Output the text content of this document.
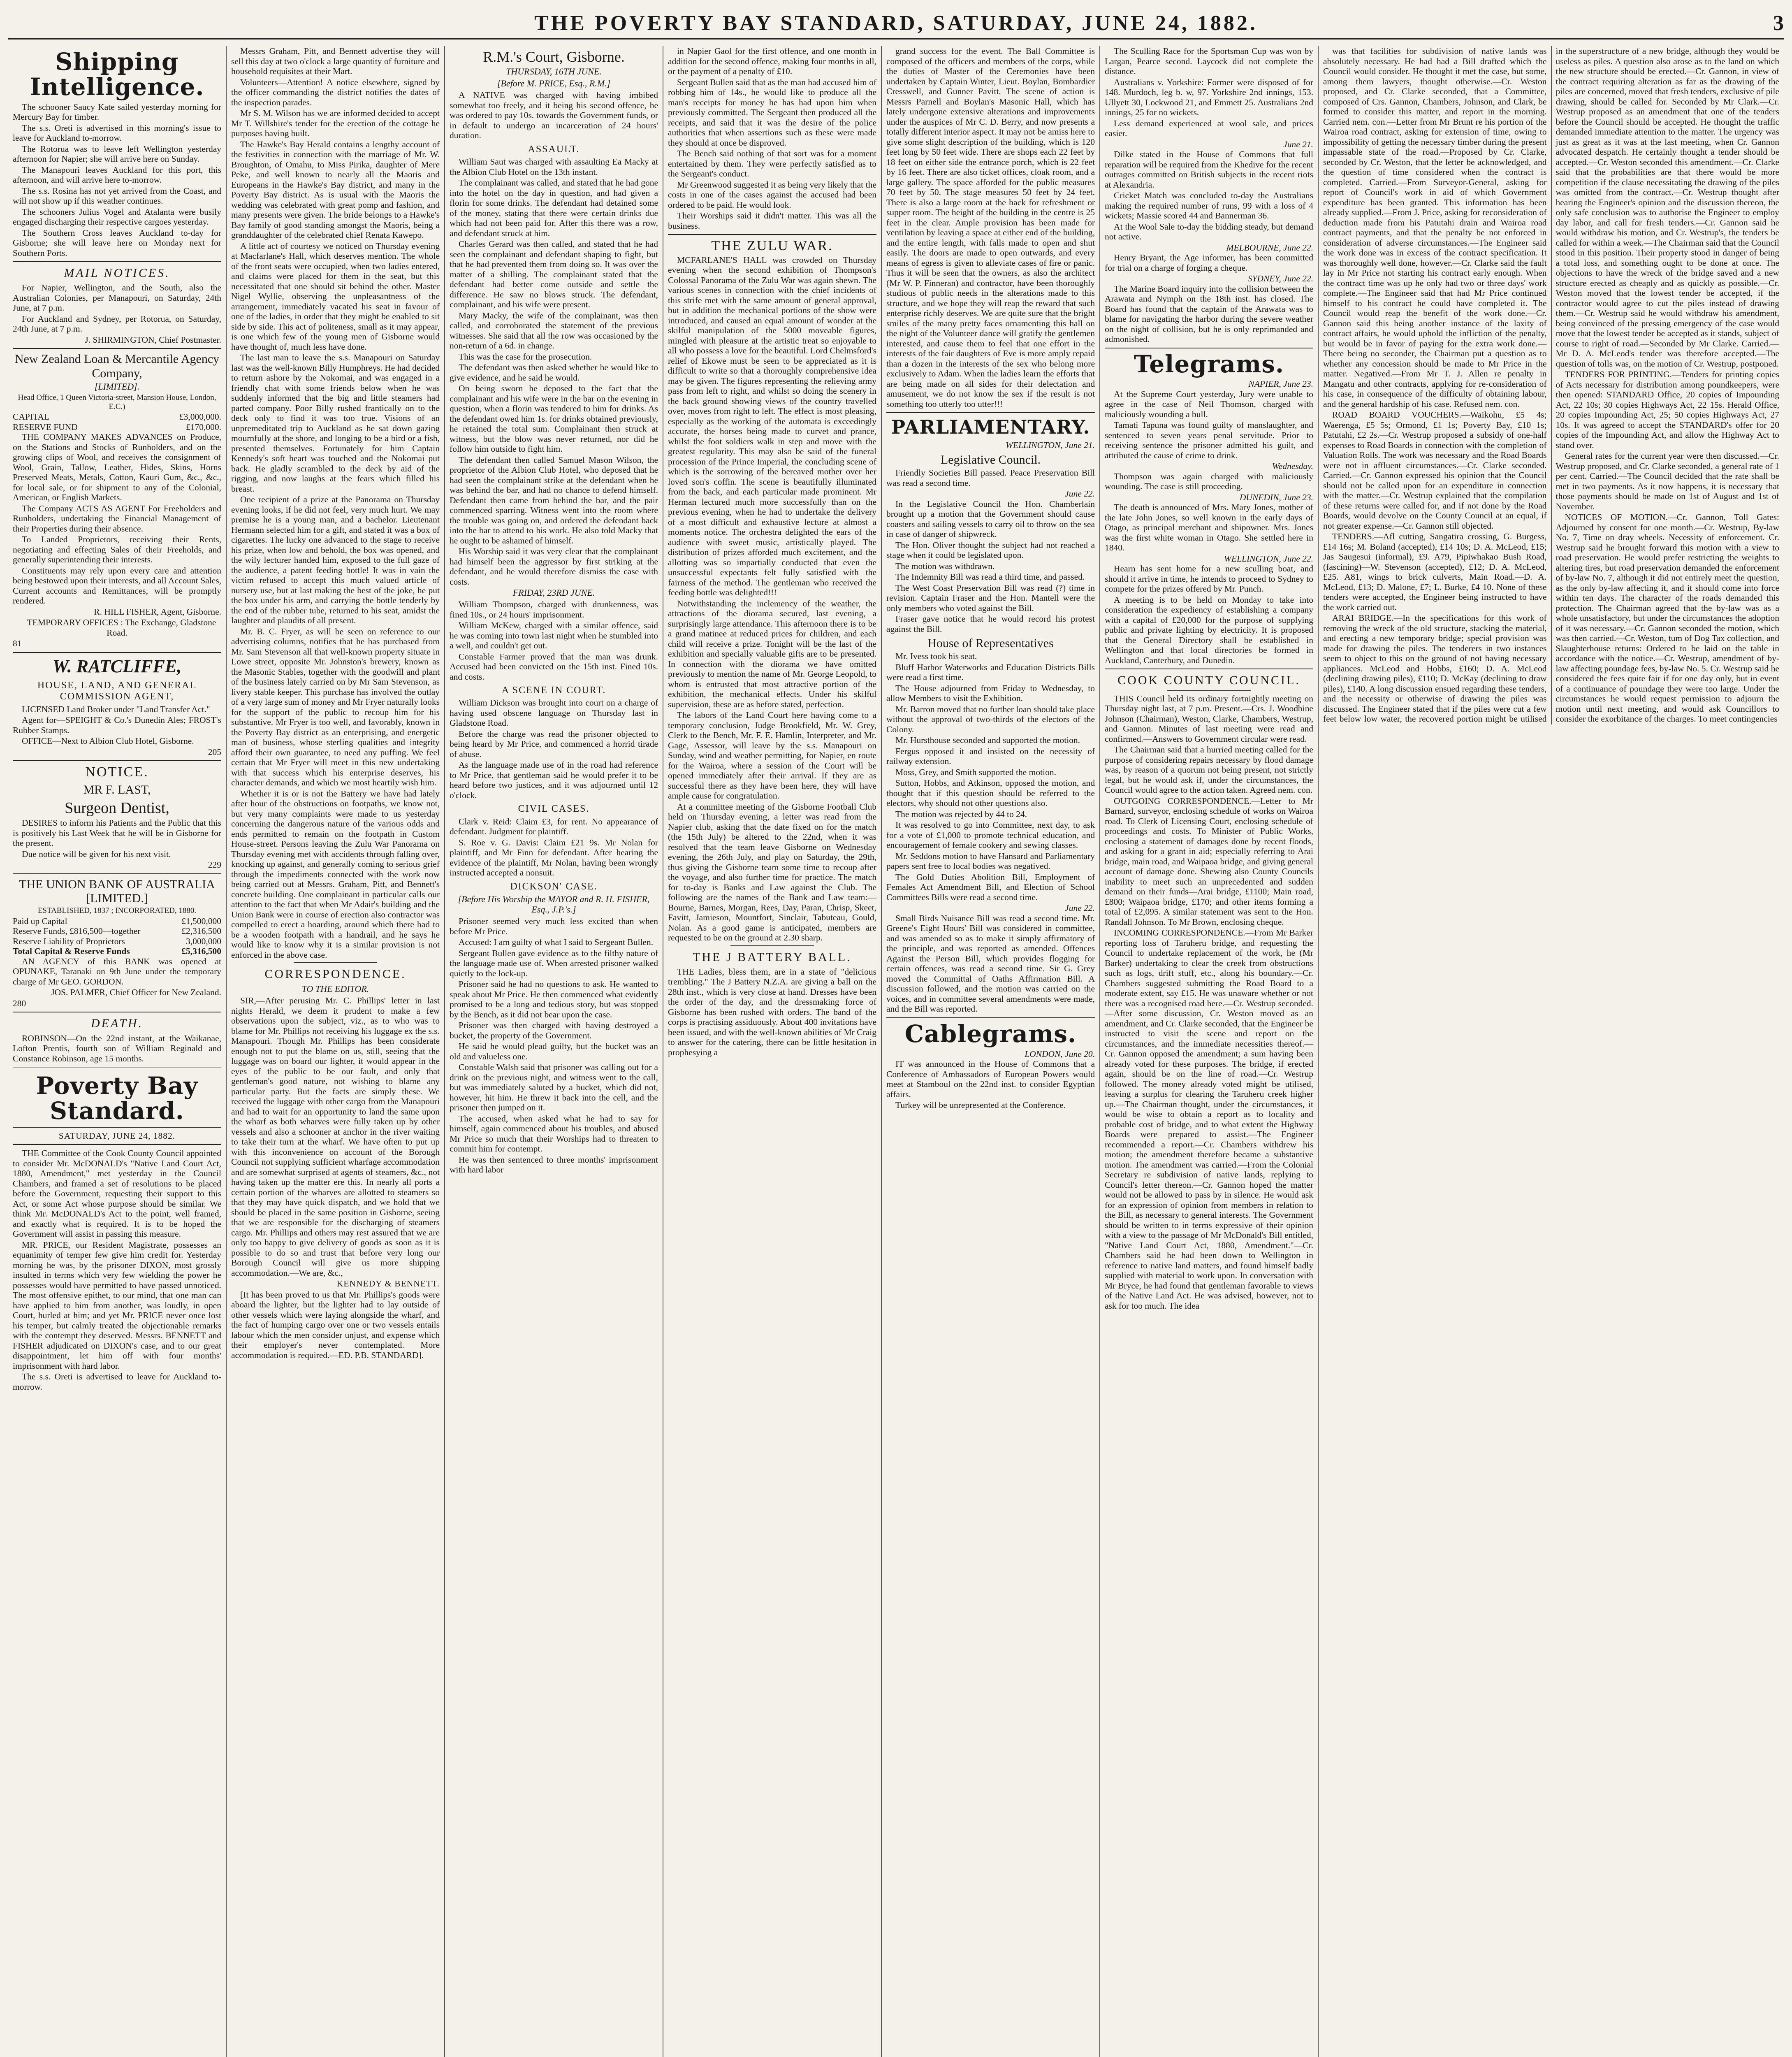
THE POVERTY BAY STANDARD, SATURDAY, JUNE 24, 1882.	3
Shipping Intelligence.

The schooner Saucy Kate sailed yesterday morning for Mercury Bay for timber.

The s.s. Oreti is advertised in this morning's issue to leave for Auckland to-morrow.

The Rotorua was to leave left Wellington yesterday afternoon for Napier; she will arrive here on Sunday.

The Manapouri leaves Auckland for this port, this afternoon, and will arrive here to-morrow.

The s.s. Rosina has not yet arrived from the Coast, and will not show up if this weather continues.

The schooners Julius Vogel and Atalanta were busily engaged discharging their respective cargoes yesterday.

The Southern Cross leaves Auckland to-day for Gisborne; she will leave here on Monday next for Southern Ports.

MAIL NOTICES.

For Napier, Wellington, and the South, also the Australian Colonies, per Manapouri, on Saturday, 24th June, at 7 p.m.

For Auckland and Sydney, per Rotorua, on Saturday, 24th June, at 7 p.m.

J. SHIRMINGTON, Chief Postmaster.

New Zealand Loan & Mercantile Agency Company,
[LIMITED].

Head Office, 1 Queen Victoria-street, Mansion House, London, E.C.)

CAPITAL	£3,000,000.
RESERVE FUND	£170,000.

THE COMPANY MAKES ADVANCES on Produce, on the Stations and Stocks of Runholders, and on the growing clips of Wool, and receives the consignment of Wool, Grain, Tallow, Leather, Hides, Skins, Horns Preserved Meats, Metals, Cotton, Kauri Gum, &c., &c., for local sale, or for shipment to any of the Colonial, American, or English Markets.

The Company ACTS AS AGENT For Freeholders and Runholders, undertaking the Financial Management of their Properties during their absence.

To Landed Proprietors, receiving their Rents, negotiating and effecting Sales of their Freeholds, and generally superintending their interests.

Constituents may rely upon every care and attention being bestowed upon their interests, and all Account Sales, Current accounts and Remittances, will be promptly rendered.

R. HILL FISHER, Agent, Gisborne.

TEMPORARY OFFICES : The Exchange, Gladstone Road.

81

W. RATCLIFFE,
HOUSE, LAND, AND GENERAL COMMISSION AGENT,

LICENSED Land Broker under "Land Transfer Act."

Agent for—SPEIGHT & Co.'s Dunedin Ales; FROST's Rubber Stamps.

OFFICE—Next to Albion Club Hotel, Gisborne.

205

NOTICE.
MR F. LAST,
Surgeon Dentist,

DESIRES to inform his Patients and the Public that this is positively his Last Week that he will be in Gisborne for the present.

Due notice will be given for his next visit.

229

THE UNION BANK OF AUSTRALIA [LIMITED.]

ESTABLISHED, 1837 ; INCORPORATED, 1880.

Paid up Capital	£1,500,000
Reserve Funds, £816,500—together	£2,316,500
Reserve Liability of Proprietors	3,000,000
Total Capital & Reserve Funds	£5,316,500

AN AGENCY of this BANK was opened at OPUNAKE, Taranaki on 9th June under the temporary charge of Mr GEO. GORDON.

JOS. PALMER, Chief Officer for New Zealand.

280

DEATH.

ROBINSON—On the 22nd instant, at the Waikanae, Lofton Prentis, fourth son of William Reginald and Constance Robinson, age 15 months.

Poverty Bay Standard.
SATURDAY, JUNE 24, 1882.

THE Committee of the Cook County Council appointed to consider Mr. McDONALD's "Native Land Court Act, 1880, Amendment," met yesterday in the Council Chambers, and framed a set of resolutions to be placed before the Government, requesting their support to this Act, or some Act whose purpose should be similar. We think Mr. McDONALD's Act to the point, well framed, and exactly what is required. It is to be hoped the Government will assist in passing this measure.

MR. PRICE, our Resident Magistrate, possesses an equanimity of temper few give him credit for. Yesterday morning he was, by the prisoner DIXON, most grossly insulted in terms which very few wielding the power he possesses would have permitted to have passed unnoticed. The most offensive epithet, to our mind, that one man can have applied to him from another, was loudly, in open Court, hurled at him; and yet Mr. PRICE never once lost his temper, but calmly treated the objectionable remarks with the contempt they deserved. Messrs. BENNETT and FISHER adjudicated on DIXON's case, and to our great disappointment, let him off with four months' imprisonment with hard labor.

The s.s. Oreti is advertised to leave for Auckland to-morrow.

Messrs Graham, Pitt, and Bennett advertise they will sell this day at two o'clock a large quantity of furniture and household requisites at their Mart.

Volunteers—Attention! A notice elsewhere, signed by the officer commanding the district notifies the dates of the inspection parades.

Mr S. M. Wilson has we are informed decided to accept Mr T. Willshire's tender for the erection of the cottage he purposes having built.

The Hawke's Bay Herald contains a lengthy account of the festivities in connection with the marriage of Mr. W. Broughton, of Omahu, to Miss Pirika, daughter of Mere Peke, and well known to nearly all the Maoris and Europeans in the Hawke's Bay district, and many in the Poverty Bay district. As is usual with the Maoris the wedding was celebrated with great pomp and fashion, and many presents were given. The bride belongs to a Hawke's Bay family of good standing amongst the Maoris, being a granddaughter of the celebrated chief Renata Kawepo.

A little act of courtesy we noticed on Thursday evening at Macfarlane's Hall, which deserves mention. The whole of the front seats were occupied, when two ladies entered, and claims were placed for them in the seat, but this necessitated that one should sit behind the other. Master Nigel Wyllie, observing the unpleasantness of the arrangement, immediately vacated his seat in favour of one of the ladies, in order that they might be enabled to sit side by side. This act of politeness, small as it may appear, is one which few of the young men of Gisborne would have thought of, much less have done.

The last man to leave the s.s. Manapouri on Saturday last was the well-known Billy Humphreys. He had decided to return ashore by the Nokomai, and was engaged in a friendly chat with some friends below when he was suddenly informed that the big and little steamers had parted company. Poor Billy rushed frantically on to the deck only to find it was too true. Visions of an unpremeditated trip to Auckland as he sat down gazing mournfully at the shore, and longing to be a bird or a fish, presented themselves. Fortunately for him Captain Kennedy's soft heart was touched and the Nokomai put back. He gladly scrambled to the deck by aid of the rigging, and now laughs at the fears which filled his breast.

One recipient of a prize at the Panorama on Thursday evening looks, if he did not feel, very much hurt. We may premise he is a young man, and a bachelor. Lieutenant Hermann selected him for a gift, and stated it was a box of cigarettes. The lucky one advanced to the stage to receive his prize, when low and behold, the box was opened, and the wily lecturer handed him, exposed to the full gaze of the audience, a patent feeding bottle! It was in vain the victim refused to accept this much valued article of nursery use, but at last making the best of the joke, he put the box under his arm, and carrying the bottle tenderly by the end of the rubber tube, returned to his seat, amidst the laughter and plaudits of all present.

Mr. B. C. Fryer, as will be seen on reference to our advertising columns, notifies that he has purchased from Mr. Sam Stevenson all that well-known property situate in Lowe street, opposite Mr. Johnston's brewery, known as the Masonic Stables, together with the goodwill and plant of the business lately carried on by Mr Sam Stevenson, as livery stable keeper. This purchase has involved the outlay of a very large sum of money and Mr Fryer naturally looks for the support of the public to recoup him for his substantive. Mr Fryer is too well, and favorably, known in the Poverty Bay district as an enterprising, and energetic man of business, whose sterling qualities and integrity afford their own guarantee, to need any puffing. We feel certain that Mr Fryer will meet in this new undertaking with that success which his enterprise deserves, his character demands, and which we most heartily wish him.

Whether it is or is not the Battery we have had lately after hour of the obstructions on footpaths, we know not, but very many complaints were made to us yesterday concerning the dangerous nature of the various odds and ends permitted to remain on the footpath in Custom House-street. Persons leaving the Zulu War Panorama on Thursday evening met with accidents through falling over, knocking up against, and generally coming to serious grief through the impediments connected with the work now being carried out at Messrs. Graham, Pitt, and Bennett's concrete building. One complainant in particular calls our attention to the fact that when Mr Adair's building and the Union Bank were in course of erection also contractor was compelled to erect a hoarding, around which there had to be a wooden footpath with a handrail, and he says he would like to know why it is a similar provision is not enforced in the above case.

CORRESPONDENCE.
TO THE EDITOR.

SIR,—After perusing Mr. C. Phillips' letter in last nights Herald, we deem it prudent to make a few observations upon the subject, viz., as to who was to blame for Mr. Phillips not receiving his luggage ex the s.s. Manapouri. Though Mr. Phillips has been considerate enough not to put the blame on us, still, seeing that the luggage was on board our lighter, it would appear in the eyes of the public to be our fault, and only that gentleman's good nature, not wishing to blame any particular party. But the facts are simply these. We received the luggage with other cargo from the Manapouri and had to wait for an opportunity to land the same upon the wharf as both wharves were fully taken up by other vessels and also a schooner at anchor in the river waiting to take their turn at the wharf. We have often to put up with this inconvenience on account of the Borough Council not supplying sufficient wharfage accommodation and are somewhat surprised at agents of steamers, &c., not having taken up the matter ere this. In nearly all ports a certain portion of the wharves are allotted to steamers so that they may have quick dispatch, and we hold that we should be placed in the same position in Gisborne, seeing that we are responsible for the discharging of steamers cargo. Mr. Phillips and others may rest assured that we are only too happy to give delivery of goods as soon as it is possible to do so and trust that before very long our Borough Council will give us more shipping accommodation.—We are, &c.,

KENNEDY & BENNETT.

[It has been proved to us that Mr. Phillips's goods were aboard the lighter, but the lighter had to lay outside of other vessels which were laying alongside the wharf, and the fact of humping cargo over one or two vessels entails labour which the men consider unjust, and expense which their employer's never contemplated. More accommodation is required.—ED. P.B. STANDARD].

R.M.'s Court, Gisborne.
THURSDAY, 16TH JUNE.
[Before M. PRICE, Esq., R.M.]

A NATIVE was charged with having imbibed somewhat too freely, and it being his second offence, he was ordered to pay 10s. towards the Government funds, or in default to undergo an incarceration of 24 hours' duration.

ASSAULT.

William Saut was charged with assaulting Ea Macky at the Albion Club Hotel on the 13th instant.

The complainant was called, and stated that he had gone into the hotel on the day in question, and had given a florin for some drinks. The defendant had detained some of the money, stating that there were certain drinks due which had not been paid for. After this there was a row, and defendant struck at him.

Charles Gerard was then called, and stated that he had seen the complainant and defendant shaping to fight, but that he had prevented them from doing so. It was over the matter of a shilling. The complainant stated that the defendant had better come outside and settle the difference. He saw no blows struck. The defendant, complainant, and his wife were present.

Mary Macky, the wife of the complainant, was then called, and corroborated the statement of the previous witnesses. She said that all the row was occasioned by the non-return of a 6d. in change.

This was the case for the prosecution.

The defendant was then asked whether he would like to give evidence, and he said he would.

On being sworn he deposed to the fact that the complainant and his wife were in the bar on the evening in question, when a florin was tendered to him for drinks. As the defendant owed him 1s. for drinks obtained previously, he retained the total sum. Complainant then struck at witness, but the blow was never returned, nor did he follow him outside to fight him.

The defendant then called Samuel Mason Wilson, the proprietor of the Albion Club Hotel, who deposed that he had seen the complainant strike at the defendant when he was behind the bar, and had no chance to defend himself. Defendant then came from behind the bar, and the pair commenced sparring. Witness went into the room where the trouble was going on, and ordered the defendant back into the bar to attend to his work. He also told Macky that he ought to be ashamed of himself.

His Worship said it was very clear that the complainant had himself been the aggressor by first striking at the defendant, and he would therefore dismiss the case with costs.

FRIDAY, 23RD JUNE.

William Thompson, charged with drunkenness, was fined 10s., or 24 hours' imprisonment.

William McKew, charged with a similar offence, said he was coming into town last night when he stumbled into a well, and couldn't get out.

Constable Farmer proved that the man was drunk. Accused had been convicted on the 15th inst. Fined 10s. and costs.

A SCENE IN COURT.

William Dickson was brought into court on a charge of having used obscene language on Thursday last in Gladstone Road.

Before the charge was read the prisoner objected to being heard by Mr Price, and commenced a horrid tirade of abuse.

As the language made use of in the road had reference to Mr Price, that gentleman said he would prefer it to be heard before two justices, and it was adjourned until 12 o'clock.

CIVIL CASES.

Clark v. Reid: Claim £3, for rent. No appearance of defendant. Judgment for plaintiff.

S. Roe v. G. Davis: Claim £21 9s. Mr Nolan for plaintiff, and Mr Finn for defendant. After hearing the evidence of the plaintiff, Mr Nolan, having been wrongly instructed accepted a nonsuit.

DICKSON' CASE.
[Before His Worship the MAYOR and R. H. FISHER, Esq., J.P.'s.]

Prisoner seemed very much less excited than when before Mr Price.

Accused: I am guilty of what I said to Sergeant Bullen.

Sergeant Bullen gave evidence as to the filthy nature of the language made use of. When arrested prisoner walked quietly to the lock-up.

Prisoner said he had no questions to ask. He wanted to speak about Mr Price. He then commenced what evidently promised to be a long and tedious story, but was stopped by the Bench, as it did not bear upon the case.

Prisoner was then charged with having destroyed a bucket, the property of the Government.

He said he would plead guilty, but the bucket was an old and valueless one.

Constable Walsh said that prisoner was calling out for a drink on the previous night, and witness went to the call, but was immediately saluted by a bucket, which did not, however, hit him. He threw it back into the cell, and the prisoner then jumped on it.

The accused, when asked what he had to say for himself, again commenced about his troubles, and abused Mr Price so much that their Worships had to threaten to commit him for contempt.

He was then sentenced to three months' imprisonment with hard labor

in Napier Gaol for the first offence, and one month in addition for the second offence, making four months in all, or the payment of a penalty of £10.

Sergeant Bullen said that as the man had accused him of robbing him of 14s., he would like to produce all the man's receipts for money he has had upon him when previously committed. The Sergeant then produced all the receipts, and said that it was the desire of the police authorities that when assertions such as these were made they should at once be disproved.

The Bench said nothing of that sort was for a moment entertained by them. They were perfectly satisfied as to the Sergeant's conduct.

Mr Greenwood suggested it as being very likely that the costs in one of the cases against the accused had been ordered to be paid. He would look.

Their Worships said it didn't matter. This was all the business.

THE ZULU WAR.

MCFARLANE'S HALL was crowded on Thursday evening when the second exhibition of Thompson's Colossal Panorama of the Zulu War was again shewn. The various scenes in connection with the chief incidents of this strife met with the same amount of general approval, but in addition the mechanical portions of the show were introduced, and caused an equal amount of wonder at the skilful manipulation of the 5000 moveable figures, mingled with pleasure at the artistic treat so enjoyable to all who possess a love for the beautiful. Lord Chelmsford's relief of Ekowe must be seen to be appreciated as it is difficult to write so that a thoroughly comprehensive idea may be given. The figures representing the relieving army pass from left to right, and whilst so doing the scenery in the back ground showing views of the country travelled over, moves from right to left. The effect is most pleasing, especially as the working of the automata is exceedingly accurate, the horses being made to curvet and prance, whilst the foot soldiers walk in step and move with the greatest regularity. This may also be said of the funeral procession of the Prince Imperial, the concluding scene of which is the sorrowing of the bereaved mother over her loved son's coffin. The scene is beautifully illuminated from the back, and each particular made prominent. Mr Herman lectured much more successfully than on the previous evening, when he had to undertake the delivery of a most difficult and exhaustive lecture at almost a moments notice. The orchestra delighted the ears of the audience with sweet music, artistically played. The distribution of prizes afforded much excitement, and the allotting was so impartially conducted that even the unsuccessful expectants felt fully satisfied with the fairness of the method. The gentleman who received the feeding bottle was delighted!!!

Notwithstanding the inclemency of the weather, the attractions of the diorama secured, last evening, a surprisingly large attendance. This afternoon there is to be a grand matinee at reduced prices for children, and each child will receive a prize. Tonight will be the last of the exhibition and specially valuable gifts are to be presented. In connection with the diorama we have omitted previously to mention the name of Mr. George Leopold, to whom is entrusted that most attractive portion of the exhibition, the mechanical effects. Under his skilful supervision, these are as before stated, perfection.

The labors of the Land Court here having come to a temporary conclusion, Judge Brookfield, Mr. W. Grey, Clerk to the Bench, Mr. F. E. Hamlin, Interpreter, and Mr. Gage, Assessor, will leave by the s.s. Manapouri on Sunday, wind and weather permitting, for Napier, en route for the Wairoa, where a session of the Court will be opened immediately after their arrival. If they are as successful there as they have been here, they will have ample cause for congratulation.

At a committee meeting of the Gisborne Football Club held on Thursday evening, a letter was read from the Napier club, asking that the date fixed on for the match (the 15th July) be altered to the 22nd, when it was resolved that the team leave Gisborne on Wednesday evening, the 26th July, and play on Saturday, the 29th, thus giving the Gisborne team some time to recoup after the voyage, and also further time for practice. The match for to-day is Banks and Law against the Club. The following are the names of the Bank and Law team:—Bourne, Barnes, Morgan, Rees, Day, Paran, Chrisp, Skeet, Favitt, Jamieson, Mountfort, Sinclair, Tabuteau, Gould, Nolan. As a good game is anticipated, members are requested to be on the ground at 2.30 sharp.

THE J BATTERY BALL.

THE Ladies, bless them, are in a state of "delicious trembling." The J Battery N.Z.A. are giving a ball on the 28th inst., which is very close at hand. Dresses have been the order of the day, and the dressmaking force of Gisborne has been rushed with orders. The band of the corps is practising assiduously. About 400 invitations have been issued, and with the well-known abilities of Mr Craig to answer for the catering, there can be little hesitation in prophesying a

grand success for the event. The Ball Committee is composed of the officers and members of the corps, while the duties of Master of the Ceremonies have been undertaken by Captain Winter, Lieut. Boylan, Bombardier Cresswell, and Gunner Pavitt. The scene of action is Messrs Parnell and Boylan's Masonic Hall, which has lately undergone extensive alterations and improvements under the auspices of Mr C. D. Berry, and now presents a totally different interior aspect. It may not be amiss here to give some slight description of the building, which is 120 feet long by 50 feet wide. There are shops each 22 feet by 18 feet on either side the entrance porch, which is 22 feet by 16 feet. There are also ticket offices, cloak room, and a large gallery. The space afforded for the public measures 70 feet by 50. The stage measures 50 feet by 24 feet. There is also a large room at the back for refreshment or supper room. The height of the building in the centre is 25 feet in the clear. Ample provision has been made for ventilation by leaving a space at either end of the building, and the entire length, with falls made to open and shut easily. The doors are made to open outwards, and every means of egress is given to alleviate cases of fire or panic. Thus it will be seen that the owners, as also the architect (Mr W. P. Finneran) and contractor, have been thoroughly studious of public needs in the alterations made to this structure, and we hope they will reap the reward that such enterprise richly deserves. We are quite sure that the bright smiles of the many pretty faces ornamenting this hall on the night of the Volunteer dance will gratify the gentlemen interested, and cause them to feel that one effort in the interests of the fair daughters of Eve is more amply repaid than a dozen in the interests of the sex who belong more exclusively to Adam. When the ladies learn the efforts that are being made on all sides for their delectation and amusement, we do not know the sex if the result is not something too utterly too utter!!!

PARLIAMENTARY.
WELLINGTON, June 21.
Legislative Council.

Friendly Societies Bill passed. Peace Preservation Bill was read a second time.

June 22.

In the Legislative Council the Hon. Chamberlain brought up a motion that the Government should cause coasters and sailing vessels to carry oil to throw on the sea in case of danger of shipwreck.

The Hon. Oliver thought the subject had not reached a stage when it could be legislated upon.

The motion was withdrawn.

The Indemnity Bill was read a third time, and passed.

The West Coast Preservation Bill was read (?) time in revision. Captain Fraser and the Hon. Mantell were the only members who voted against the Bill.

Fraser gave notice that he would record his protest against the Bill.

House of Representatives

Mr. Ivess took his seat.

Bluff Harbor Waterworks and Education Districts Bills were read a first time.

The House adjourned from Friday to Wednesday, to allow Members to visit the Exhibition.

Mr. Barron moved that no further loan should take place without the approval of two-thirds of the electors of the Colony.

Mr. Hursthouse seconded and supported the motion.

Fergus opposed it and insisted on the necessity of railway extension.

Moss, Grey, and Smith supported the motion.

Sutton, Hobbs, and Atkinson, opposed the motion, and thought that if this question should be referred to the electors, why should not other questions also.

The motion was rejected by 44 to 24.

It was resolved to go into Committee, next day, to ask for a vote of £1,000 to promote technical education, and encouragement of female cookery and sewing classes.

Mr. Seddons motion to have Hansard and Parliamentary papers sent free to local bodies was negatived.

The Gold Duties Abolition Bill, Employment of Females Act Amendment Bill, and Election of School Committees Bills were read a second time.

June 22.

Small Birds Nuisance Bill was read a second time. Mr. Greene's Eight Hours' Bill was considered in committee, and was amended so as to make it simply affirmatory of the principle, and was reported as amended. Offences Against the Person Bill, which provides flogging for certain offences, was read a second time. Sir G. Grey moved the Committal of Oaths Affirmation Bill. A discussion followed, and the motion was carried on the voices, and in committee several amendments were made, and the Bill was reported.

Cablegrams.
LONDON, June 20.

IT was announced in the House of Commons that a Conference of Ambassadors of European Powers would meet at Stamboul on the 22nd inst. to consider Egyptian affairs.

Turkey will be unrepresented at the Conference.

The Sculling Race for the Sportsman Cup was won by Largan, Pearce second. Laycock did not complete the distance.

Australians v. Yorkshire: Former were disposed of for 148. Murdoch, leg b. w, 97. Yorkshire 2nd innings, 153. Ullyett 30, Lockwood 21, and Emmett 25. Australians 2nd innings, 25 for no wickets.

Less demand experienced at wool sale, and prices easier.

June 21.

Dilke stated in the House of Commons that full reparation will be required from the Khedive for the recent outrages committed on British subjects in the recent riots at Alexandria.

Cricket Match was concluded to-day the Australians making the required number of runs, 99 with a loss of 4 wickets; Massie scored 44 and Bannerman 36.

At the Wool Sale to-day the bidding steady, but demand not active.

MELBOURNE, June 22.

Henry Bryant, the Age informer, has been committed for trial on a charge of forging a cheque.

SYDNEY, June 22.

The Marine Board inquiry into the collision between the Arawata and Nymph on the 18th inst. has closed. The Board has found that the captain of the Arawata was to blame for navigating the harbor during the severe weather on the night of collision, but he is only reprimanded and admonished.

Telegrams.
NAPIER, June 23.

At the Supreme Court yesterday, Jury were unable to agree in the case of Neil Thomson, charged with maliciously wounding a bull.

Tamati Tapuna was found guilty of manslaughter, and sentenced to seven years penal servitude. Prior to receiving sentence the prisoner admitted his guilt, and attributed the cause of crime to drink.

Wednesday.

Thompson was again charged with maliciously wounding. The case is still proceeding.

DUNEDIN, June 23.

The death is announced of Mrs. Mary Jones, mother of the late John Jones, so well known in the early days of Otago, as principal merchant and shipowner. Mrs. Jones was the first white woman in Otago. She settled here in 1840.

WELLINGTON, June 22.

Hearn has sent home for a new sculling boat, and should it arrive in time, he intends to proceed to Sydney to compete for the prizes offered by Mr. Punch.

A meeting is to be held on Monday to take into consideration the expediency of establishing a company with a capital of £20,000 for the purpose of supplying public and private lighting by electricity. It is proposed that the General Directory shall be established in Wellington and that local directories be formed in Auckland, Canterbury, and Dunedin.

COOK COUNTY COUNCIL.

THIS Council held its ordinary fortnightly meeting on Thursday night last, at 7 p.m. Present.—Crs. J. Woodbine Johnson (Chairman), Weston, Clarke, Chambers, Westrup, and Gannon. Minutes of last meeting were read and confirmed.—Answers to Government circular were read.

The Chairman said that a hurried meeting called for the purpose of considering repairs necessary by flood damage was, by reason of a quorum not being present, not strictly legal, but he would ask if, under the circumstances, the Council would agree to the action taken. Agreed nem. con.

OUTGOING CORRESPONDENCE.—Letter to Mr Barnard, surveyor, enclosing schedule of works on Wairoa road. To Clerk of Licensing Court, enclosing schedule of proceedings and costs. To Minister of Public Works, enclosing a statement of damages done by recent floods, and asking for a grant in aid; especially referring to Arai bridge, main road, and Waipaoa bridge, and giving general account of damage done. Shewing also County Councils inability to meet such an unprecedented and sudden demand on their funds—Arai bridge, £1100; Main road, £800; Waipaoa bridge, £170; and other items forming a total of £2,095. A similar statement was sent to the Hon. Randall Johnson. To Mr Brown, enclosing cheque.

INCOMING CORRESPONDENCE.—From Mr Barker reporting loss of Taruheru bridge, and requesting the Council to undertake replacement of the work, he (Mr Barker) undertaking to clear the creek from obstructions such as logs, drift stuff, etc., along his boundary.—Cr. Chambers suggested submitting the Road Board to a moderate extent, say £15. He was unaware whether or not there was a recognised road here.—Cr. Westrup seconded.—After some discussion, Cr. Weston moved as an amendment, and Cr. Clarke seconded, that the Engineer be instructed to visit the scene and report on the circumstances, and the immediate necessities thereof.—Cr. Gannon opposed the amendment; a sum having been already voted for these purposes. The bridge, if erected again, should be on the line of road.—Cr. Westrup followed. The money already voted might be utilised, leaving a surplus for clearing the Taruheru creek higher up.—The Chairman thought, under the circumstances, it would be wise to obtain a report as to locality and probable cost of bridge, and to what extent the Highway Boards were prepared to assist.—The Engineer recommended a report.—Cr. Chambers withdrew his motion; the amendment therefore became a substantive motion. The amendment was carried.—From the Colonial Secretary re subdivision of native lands, replying to Council's letter thereon.—Cr. Gannon hoped the matter would not be allowed to pass by in silence. He would ask for an expression of opinion from members in relation to the Bill, as necessary to general interests. The Government should be written to in terms expressive of their opinion with a view to the passage of Mr McDonald's Bill entitled, "Native Land Court Act, 1880, Amendment."—Cr. Chambers said he had been down to Wellington in reference to native land matters, and found himself badly supplied with material to work upon. In conversation with Mr Bryce, he had found that gentleman favorable to views of the Native Land Act. He was advised, however, not to ask for too much. The idea

was that facilities for subdivision of native lands was absolutely necessary. He had had a Bill drafted which the Council would consider. He thought it met the case, but some, among them lawyers, thought otherwise.—Cr. Weston proposed, and Cr. Clarke seconded, that a Committee, composed of Crs. Gannon, Chambers, Johnson, and Clark, be formed to consider this matter, and report in the morning. Carried nem. con.—Letter from Mr Brunt re his portion of the Wairoa road contract, asking for extension of time, owing to impossibility of getting the necessary timber during the present impassable state of the road.—Proposed by Cr. Clarke, seconded by Cr. Weston, that the letter be acknowledged, and the question of time considered when the contract is completed. Carried.—From Surveyor-General, asking for report of Council's work in aid of which Government expenditure has been granted. This information has been already supplied.—From J. Price, asking for reconsideration of deduction made from his Patutahi drain and Wairoa road contract payments, and that the penalty be not enforced in consideration of adverse circumstances.—The Engineer said the work done was in excess of the contract specification. It was thoroughly well done, however.—Cr. Clarke said the fault lay in Mr Price not starting his contract early enough. When the contract time was up he only had two or three days' work complete.—The Engineer said that had Mr Price continued himself to his contract he could have completed it. The Council would reap the benefit of the work done.—Cr. Gannon said this being another instance of the laxity of contract affairs, he would uphold the infliction of the penalty, but would be in favor of paying for the extra work done.—There being no seconder, the Chairman put a question as to whether any concession should be made to Mr Price in the matter. Negatived.—From Mr T. J. Allen re penalty in Mangatu and other contracts, applying for re-consideration of his case, in consequence of the difficulty of obtaining labour, and the general hardship of his case. Refused nem. con.

ROAD BOARD VOUCHERS.—Waikohu, £5 4s; Waerenga, £5 5s; Ormond, £1 1s; Poverty Bay, £10 1s; Patutahi, £2 2s.—Cr. Westrup proposed a subsidy of one-half expenses to Road Boards in connection with the completion of Valuation Rolls. The work was necessary and the Road Boards were not in affluent circumstances.—Cr. Clarke seconded. Carried.—Cr. Gannon expressed his opinion that the Council should not be called upon for an expenditure in connection with the matter.—Cr. Westrup explained that the compilation of these returns were called for, and if not done by the Road Boards, would devolve on the County Council at an equal, if not greater expense.—Cr. Gannon still objected.

TENDERS.—Afl cutting, Sangatira crossing, G. Burgess, £14 16s; M. Boland (accepted), £14 10s; D. A. McLeod, £15; Jas Saugesui (informal), £9. A79, Pipiwhakao Bush Road, (fascining)—W. Stevenson (accepted), £12; D. A. McLeod, £25. A81, wings to brick culverts, Main Road.—D. A. McLeod, £13; D. Malone, £7; L. Burke, £4 10. None of these tenders were accepted, the Engineer being instructed to have the work carried out.

ARAI BRIDGE.—In the specifications for this work of removing the wreck of the old structure, stacking the material, and erecting a new temporary bridge; special provision was made for drawing the piles. The tenderers in two instances seem to object to this on the ground of not having necessary appliances. McLeod and Hobbs, £160; D. A. McLeod (declining drawing piles), £110; D. McKay (declining to draw piles), £140. A long discussion ensued regarding these tenders, and the necessity or otherwise of drawing the piles was discussed. The Engineer stated that if the piles were cut a few feet below low water, the recovered portion might be utilised in the superstructure of a new bridge, although they would be useless as piles. A question also arose as to the land on which the new structure should be erected.—Cr. Gannon, in view of the contract requiring alteration as far as the drawing of the piles are concerned, moved that fresh tenders, exclusive of pile drawing, should be called for. Seconded by Mr Clark.—Cr. Westrup proposed as an amendment that one of the tenders before the Council should be accepted. He thought the traffic demanded immediate attention to the matter. The urgency was just as great as it was at the last meeting, when Cr. Gannon advocated despatch. He certainly thought a tender should be accepted.—Cr. Weston seconded this amendment.—Cr. Clarke said that the probabilities are that there would be more competition if the clause necessitating the drawing of the piles was omitted from the contract.—Cr. Westrup thought after hearing the Engineer's opinion and the discussion thereon, the only safe conclusion was to authorise the Engineer to employ day labor, and call for fresh tenders.—Cr. Gannon said he would withdraw his motion, and Cr. Westrup's, the tenders be called for within a week.—The Chairman said that the Council stood in this position. Their property stood in danger of being a total loss, and something ought to be done at once. The objections to have the wreck of the bridge saved and a new structure erected as cheaply and as quickly as possible.—Cr. Weston moved that the lowest tender be accepted, if the contractor would agree to cut the piles instead of drawing them.—Cr. Westrup said he would withdraw his amendment, being convinced of the pressing emergency of the case would move that the lowest tender be accepted as it stands, subject of course to right of road.—Seconded by Mr Clarke. Carried.—Mr D. A. McLeod's tender was therefore accepted.—The question of tolls was, on the motion of Cr. Westrup, postponed.

TENDERS FOR PRINTING.—Tenders for printing copies of Acts necessary for distribution among poundkeepers, were then opened: STANDARD Office, 20 copies of Impounding Act, 22 10s; 30 copies Highways Act, 22 15s. Herald Office, 20 copies Impounding Act, 25; 50 copies Highways Act, 27 10s. It was agreed to accept the STANDARD's offer for 20 copies of the Impounding Act, and allow the Highway Act to stand over.

General rates for the current year were then discussed.—Cr. Westrup proposed, and Cr. Clarke seconded, a general rate of 1 per cent. Carried.—The Council decided that the rate shall be met in two payments. As it now happens, it is necessary that those payments should be made on 1st of August and 1st of November.

NOTICES OF MOTION.—Cr. Gannon, Toll Gates: Adjourned by consent for one month.—Cr. Westrup, By-law No. 7, Time on dray wheels. Necessity of enforcement. Cr. Westrup said he brought forward this motion with a view to road preservation. He would prefer restricting the weights to altering tires, but road preservation demanded the enforcement of by-law No. 7, although it did not entirely meet the question, as the only by-law affecting it, and it should come into force within ten days. The character of the roads demanded this protection. The Chairman agreed that the by-law was as a whole unsatisfactory, but under the circumstances the adoption of it was necessary.—Cr. Gannon seconded the motion, which was then carried.—Cr. Weston, tum of Dog Tax collection, and Slaughterhouse returns: Ordered to be laid on the table in accordance with the notice.—Cr. Westrup, amendment of by-law affecting poundage fees, by-law No. 5. Cr. Westrup said he considered the fees quite fair if for one day only, but in event of a continuance of poundage they were too large. Under the circumstances he would request permission to adjourn the motion until next meeting, and would ask Councillors to consider the exorbitance of the charges. To meet contingencies
